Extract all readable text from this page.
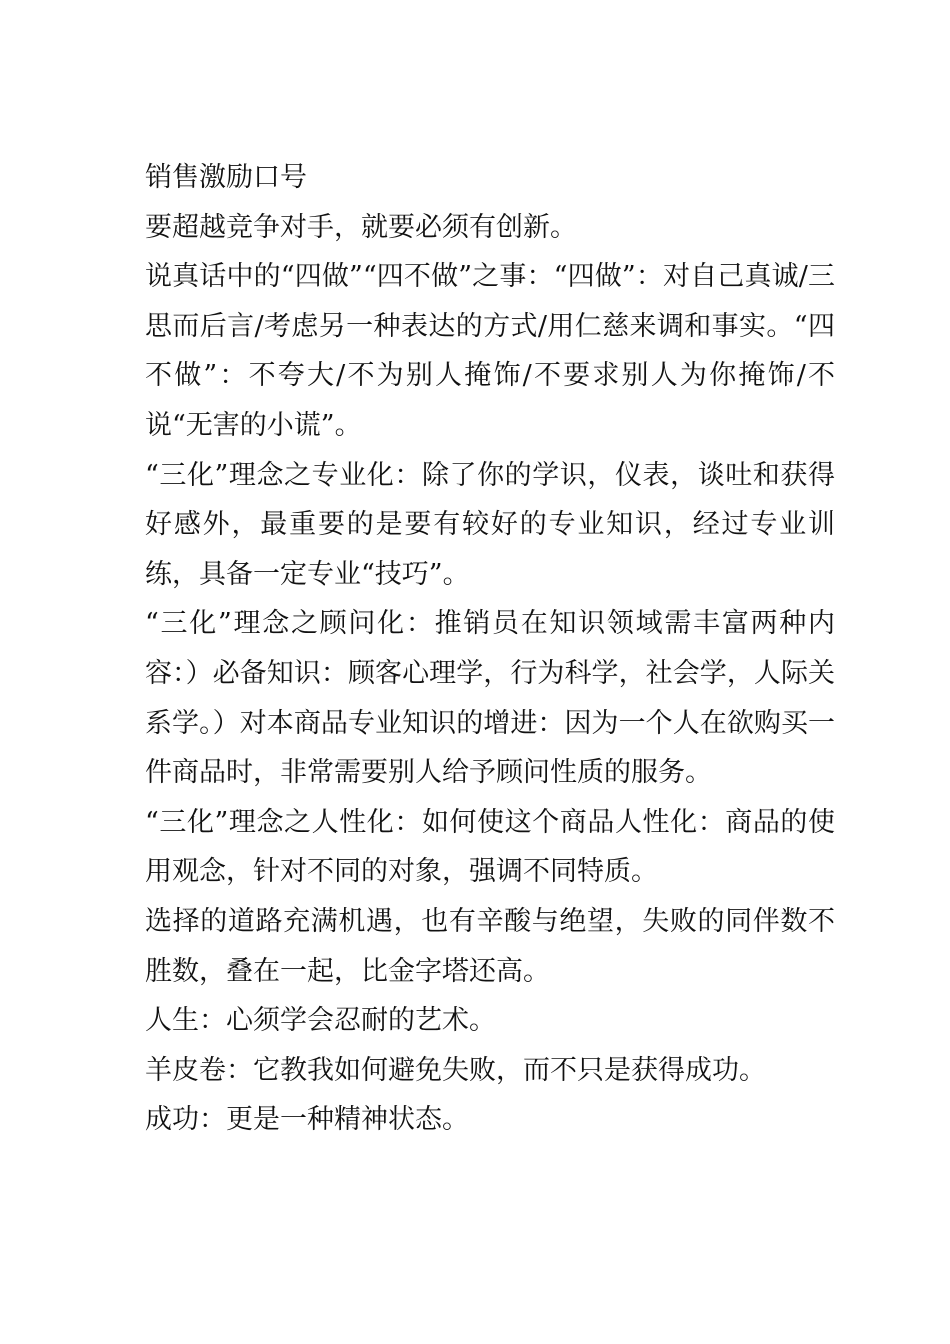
销售激励口号

要超越竞争对手，就要必须有创新。

说真话中的“四做”“四不做”之事：“四做”：对自己真诚/三思而后言/考虑另一种表达的方式/用仁慈来调和事实。“四不做”：不夸大/不为别人掩饰/不要求别人为你掩饰/不说“无害的小谎”。

“三化”理念之专业化：除了你的学识，仪表，谈吐和获得好感外，最重要的是要有较好的专业知识，经过专业训练，具备一定专业“技巧”。

“三化”理念之顾问化：推销员在知识领域需丰富两种内容：）必备知识：顾客心理学，行为科学，社会学，人际关系学。）对本商品专业知识的增进：因为一个人在欲购买一件商品时，非常需要别人给予顾问性质的服务。

“三化”理念之人性化：如何使这个商品人性化：商品的使用观念，针对不同的对象，强调不同特质。

选择的道路充满机遇，也有辛酸与绝望，失败的同伴数不胜数，叠在一起，比金字塔还高。

人生：心须学会忍耐的艺术。

羊皮卷：它教我如何避免失败，而不只是获得成功。

成功：更是一种精神状态。
